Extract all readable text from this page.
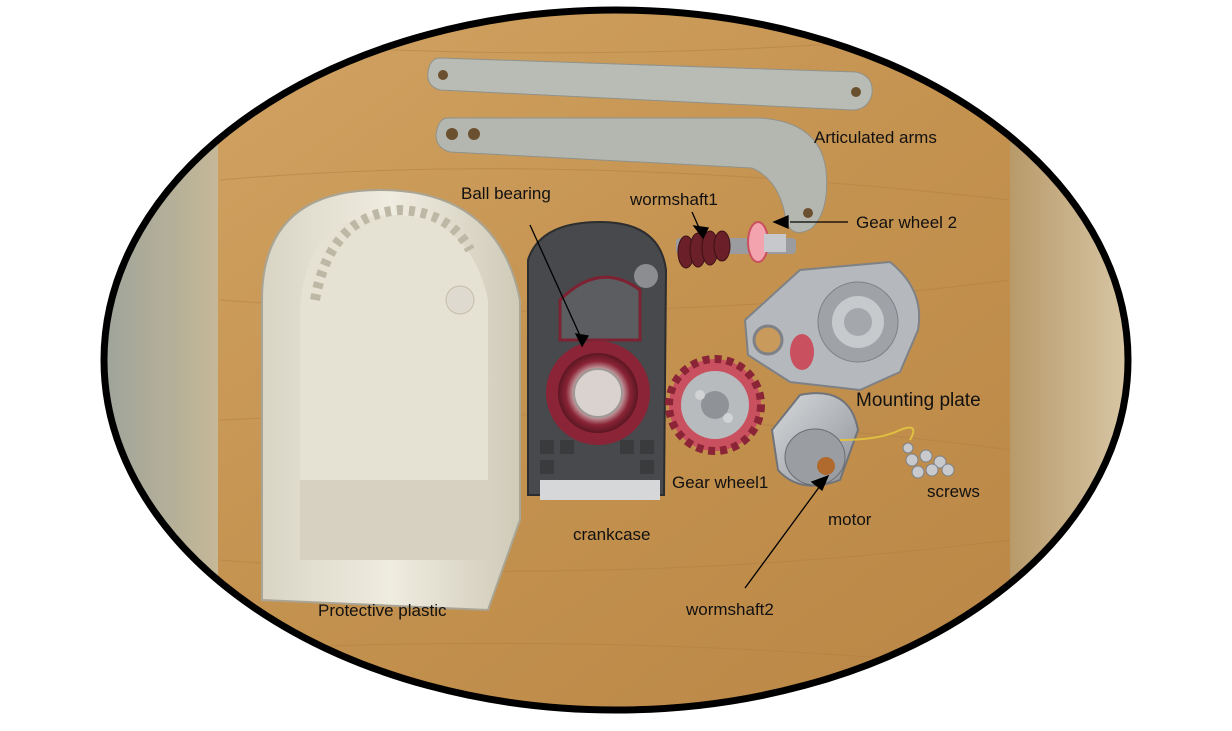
Articulated arms
Ball bearing	wormshaft1
Gear wheel 2
Mounting plate
Gear wheel1	screws
motor
crankcase
Protective plastic	wormshaft2
